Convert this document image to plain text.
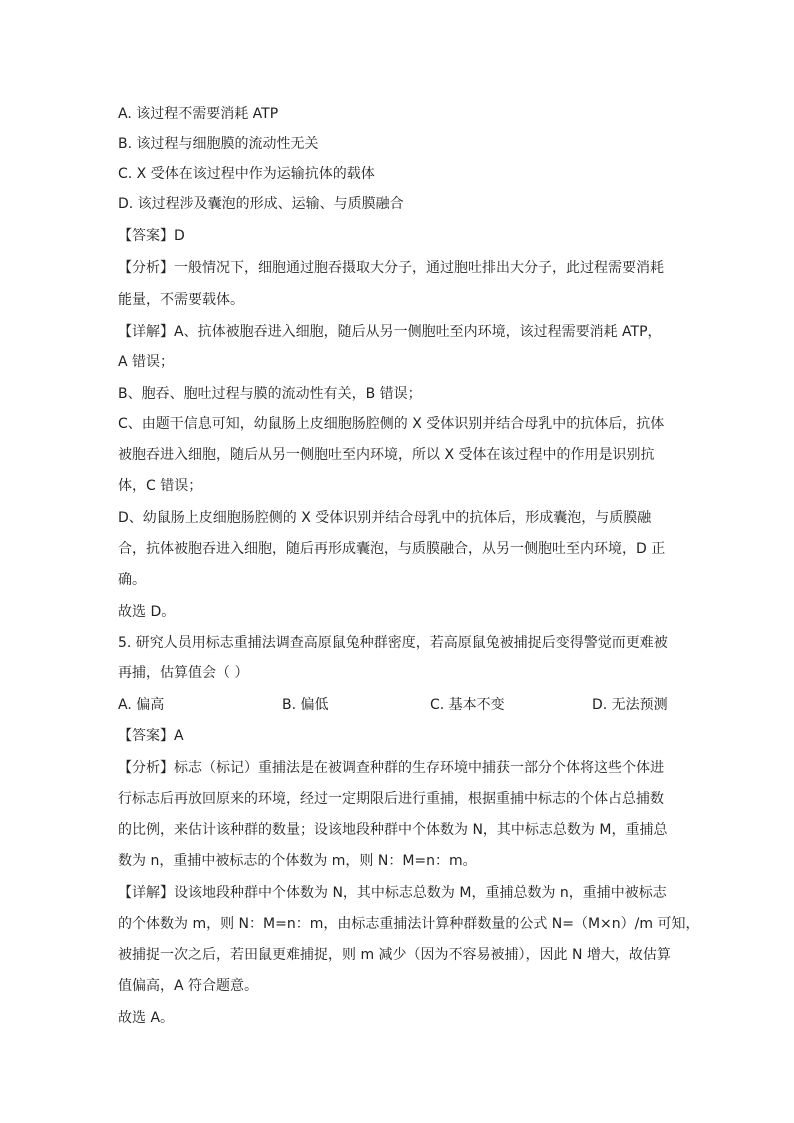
A. 该过程不需要消耗 ATP
B. 该过程与细胞膜的流动性无关
C. X 受体在该过程中作为运输抗体的载体
D. 该过程涉及囊泡的形成、运输、与质膜融合
【答案】D
【分析】一般情况下，细胞通过胞吞摄取大分子，通过胞吐排出大分子，此过程需要消耗
能量，不需要载体。
【详解】A、抗体被胞吞进入细胞，随后从另一侧胞吐至内环境，该过程需要消耗 ATP，
A 错误；
B、胞吞、胞吐过程与膜的流动性有关，B 错误；
C、由题干信息可知，幼鼠肠上皮细胞肠腔侧的 X 受体识别并结合母乳中的抗体后，抗体
被胞吞进入细胞，随后从另一侧胞吐至内环境，所以 X 受体在该过程中的作用是识别抗
体，C 错误；
D、幼鼠肠上皮细胞肠腔侧的 X 受体识别并结合母乳中的抗体后，形成囊泡，与质膜融
合，抗体被胞吞进入细胞，随后再形成囊泡，与质膜融合，从另一侧胞吐至内环境，D 正
确。
故选 D。
5. 研究人员用标志重捕法调查高原鼠兔种群密度，若高原鼠兔被捕捉后变得警觉而更难被
再捕，估算值会（ ）
A. 偏高	B. 偏低	C. 基本不变	D. 无法预测
【答案】A
【分析】标志（标记）重捕法是在被调查种群的生存环境中捕获一部分个体将这些个体进
行标志后再放回原来的环境，经过一定期限后进行重捕，根据重捕中标志的个体占总捕数
的比例，来估计该种群的数量；设该地段种群中个体数为 N，其中标志总数为 M，重捕总
数为 n，重捕中被标志的个体数为 m，则 N：M=n：m。
【详解】设该地段种群中个体数为 N，其中标志总数为 M，重捕总数为 n，重捕中被标志
的个体数为 m，则 N：M=n：m，由标志重捕法计算种群数量的公式 N=（M×n）/m 可知，
被捕捉一次之后，若田鼠更难捕捉，则 m 减少（因为不容易被捕），因此 N 增大，故估算
值偏高，A 符合题意。
故选 A。
